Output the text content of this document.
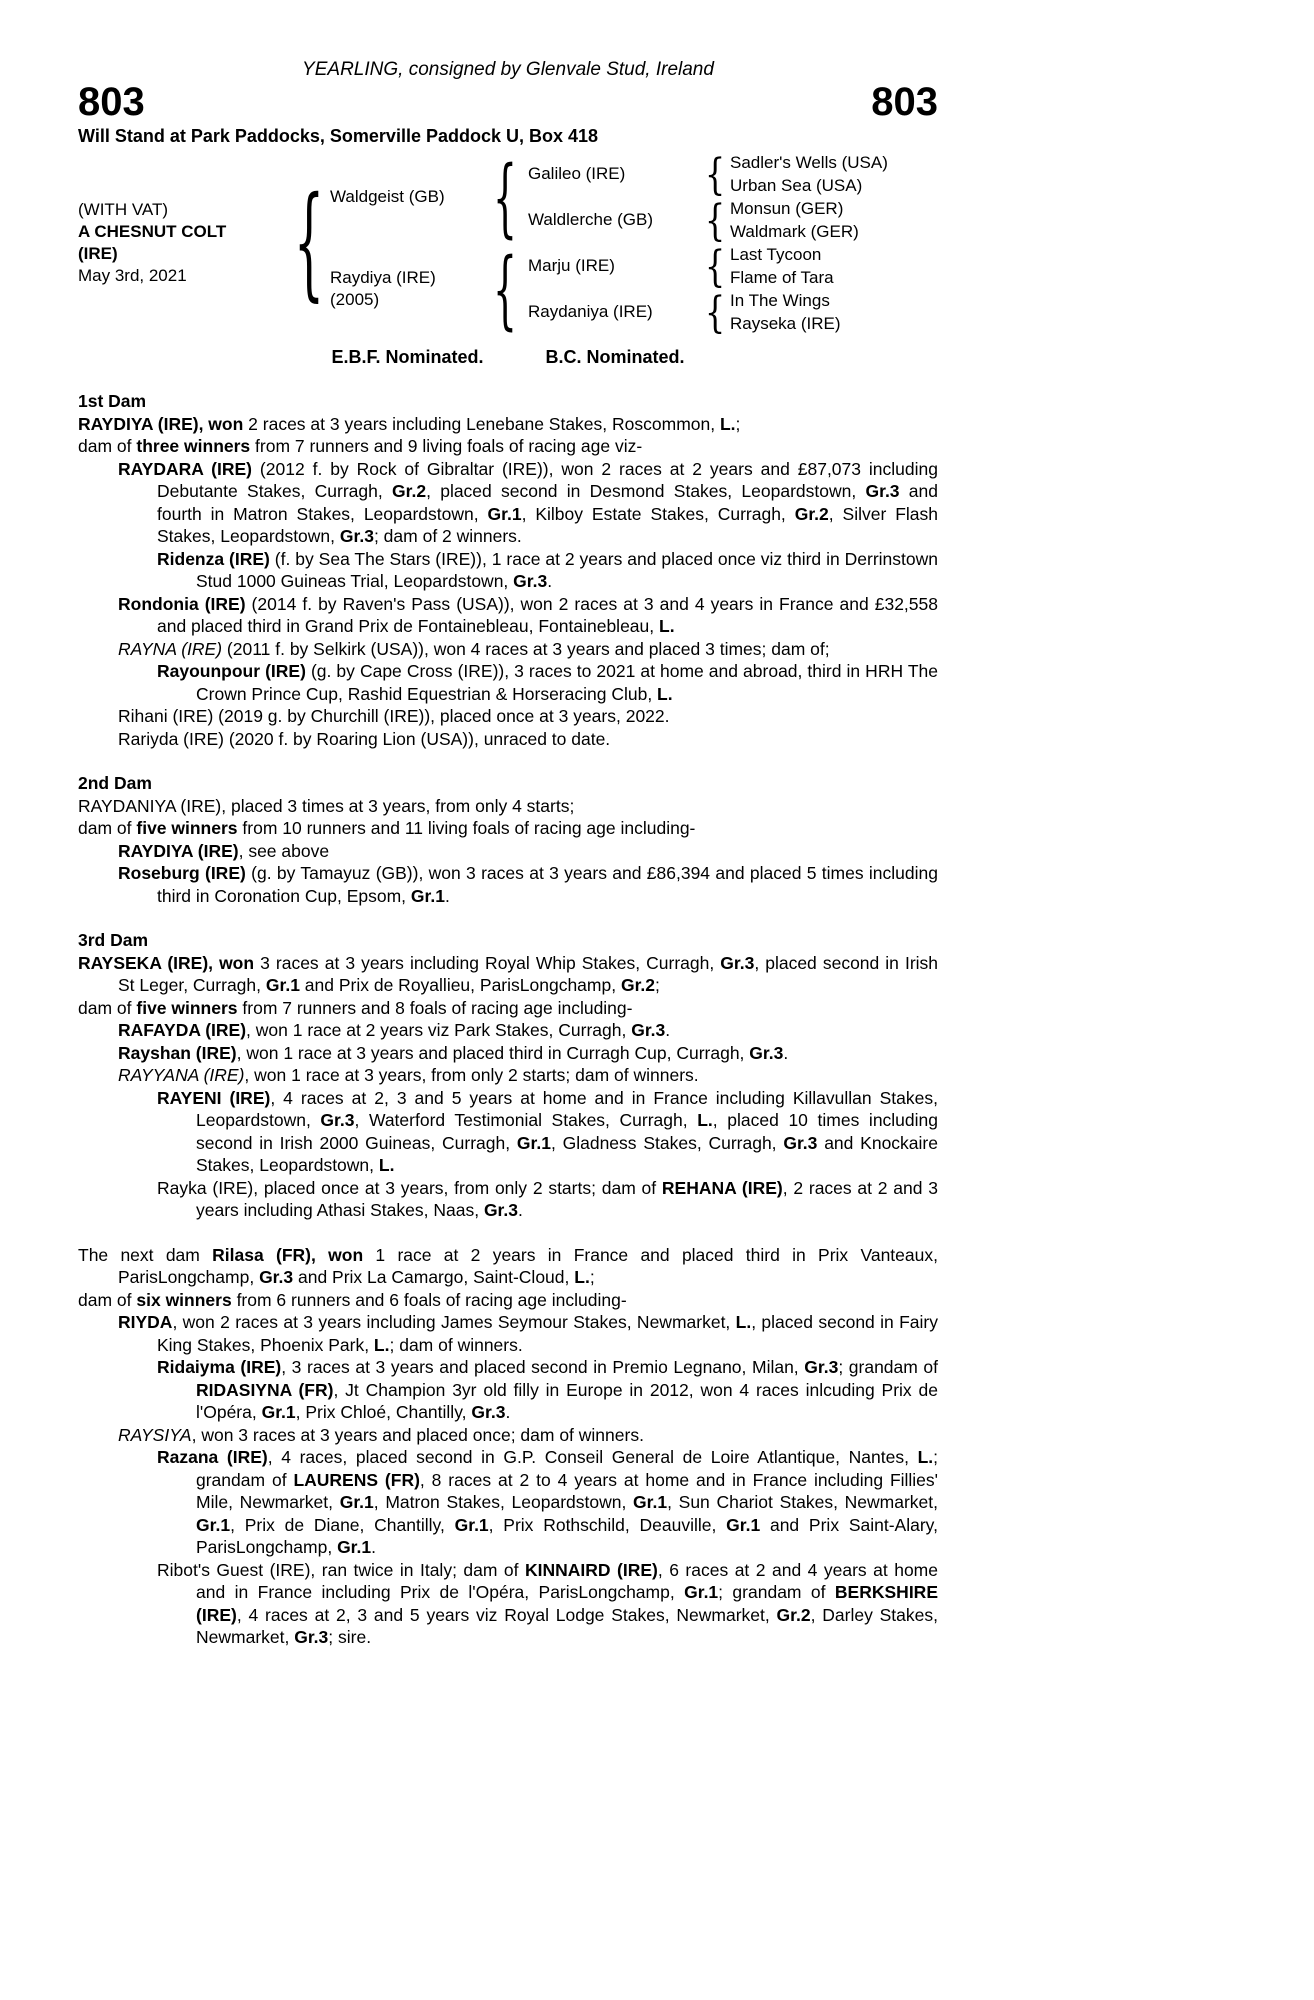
YEARLING, consigned by Glenvale Stud, Ireland
803	803
Will Stand at Park Paddocks, Somerville Paddock U, Box 418
(WITH VAT)
A CHESNUT COLT
(IRE)
May 3rd, 2021 { Waldgeist (GB)
Raydiya (IRE)
(2005)
{
{
Galileo (IRE)
Waldlerche (GB)
Marju (IRE)
Raydaniya (IRE)
{
{
{
{
Sadler's Wells (USA)
Urban Sea (USA)
Monsun (GER)
Waldmark (GER)
Last Tycoon
Flame of Tara
In The Wings
Rayseka (IRE)
E.B.F. Nominated.	B.C. Nominated.
1st Dam

RAYDIYA (IRE), won 2 races at 3 years including Lenebane Stakes, Roscommon, L.;

dam of three winners from 7 runners and 9 living foals of racing age viz-

RAYDARA (IRE) (2012 f. by Rock of Gibraltar (IRE)), won 2 races at 2 years and £87,073 including Debutante Stakes, Curragh, Gr.2, placed second in Desmond Stakes, Leopardstown, Gr.3 and fourth in Matron Stakes, Leopardstown, Gr.1, Kilboy Estate Stakes, Curragh, Gr.2, Silver Flash Stakes, Leopardstown, Gr.3; dam of 2 winners.

Ridenza (IRE) (f. by Sea The Stars (IRE)), 1 race at 2 years and placed once viz third in Derrinstown Stud 1000 Guineas Trial, Leopardstown, Gr.3.

Rondonia (IRE) (2014 f. by Raven's Pass (USA)), won 2 races at 3 and 4 years in France and £32,558 and placed third in Grand Prix de Fontainebleau, Fontainebleau, L.

RAYNA (IRE) (2011 f. by Selkirk (USA)), won 4 races at 3 years and placed 3 times; dam of;

Rayounpour (IRE) (g. by Cape Cross (IRE)), 3 races to 2021 at home and abroad, third in HRH The Crown Prince Cup, Rashid Equestrian & Horseracing Club, L.

Rihani (IRE) (2019 g. by Churchill (IRE)), placed once at 3 years, 2022.

Rariyda (IRE) (2020 f. by Roaring Lion (USA)), unraced to date.

2nd Dam

RAYDANIYA (IRE), placed 3 times at 3 years, from only 4 starts;

dam of five winners from 10 runners and 11 living foals of racing age including-

RAYDIYA (IRE), see above

Roseburg (IRE) (g. by Tamayuz (GB)), won 3 races at 3 years and £86,394 and placed 5 times including third in Coronation Cup, Epsom, Gr.1.

3rd Dam

RAYSEKA (IRE), won 3 races at 3 years including Royal Whip Stakes, Curragh, Gr.3, placed second in Irish St Leger, Curragh, Gr.1 and Prix de Royallieu, ParisLongchamp, Gr.2;

dam of five winners from 7 runners and 8 foals of racing age including-

RAFAYDA (IRE), won 1 race at 2 years viz Park Stakes, Curragh, Gr.3.

Rayshan (IRE), won 1 race at 3 years and placed third in Curragh Cup, Curragh, Gr.3.

RAYYANA (IRE), won 1 race at 3 years, from only 2 starts; dam of winners.

RAYENI (IRE), 4 races at 2, 3 and 5 years at home and in France including Killavullan Stakes, Leopardstown, Gr.3, Waterford Testimonial Stakes, Curragh, L., placed 10 times including second in Irish 2000 Guineas, Curragh, Gr.1, Gladness Stakes, Curragh, Gr.3 and Knockaire Stakes, Leopardstown, L.

Rayka (IRE), placed once at 3 years, from only 2 starts; dam of REHANA (IRE), 2 races at 2 and 3 years including Athasi Stakes, Naas, Gr.3.

The next dam Rilasa (FR), won 1 race at 2 years in France and placed third in Prix Vanteaux, ParisLongchamp, Gr.3 and Prix La Camargo, Saint-Cloud, L.;

dam of six winners from 6 runners and 6 foals of racing age including-

RIYDA, won 2 races at 3 years including James Seymour Stakes, Newmarket, L., placed second in Fairy King Stakes, Phoenix Park, L.; dam of winners.

Ridaiyma (IRE), 3 races at 3 years and placed second in Premio Legnano, Milan, Gr.3; grandam of RIDASIYNA (FR), Jt Champion 3yr old filly in Europe in 2012, won 4 races inlcuding Prix de l'Opéra, Gr.1, Prix Chloé, Chantilly, Gr.3.

RAYSIYA, won 3 races at 3 years and placed once; dam of winners.

Razana (IRE), 4 races, placed second in G.P. Conseil General de Loire Atlantique, Nantes, L.; grandam of LAURENS (FR), 8 races at 2 to 4 years at home and in France including Fillies' Mile, Newmarket, Gr.1, Matron Stakes, Leopardstown, Gr.1, Sun Chariot Stakes, Newmarket, Gr.1, Prix de Diane, Chantilly, Gr.1, Prix Rothschild, Deauville, Gr.1 and Prix Saint-Alary, ParisLongchamp, Gr.1.

Ribot's Guest (IRE), ran twice in Italy; dam of KINNAIRD (IRE), 6 races at 2 and 4 years at home and in France including Prix de l'Opéra, ParisLongchamp, Gr.1; grandam of BERKSHIRE (IRE), 4 races at 2, 3 and 5 years viz Royal Lodge Stakes, Newmarket, Gr.2, Darley Stakes, Newmarket, Gr.3; sire.
